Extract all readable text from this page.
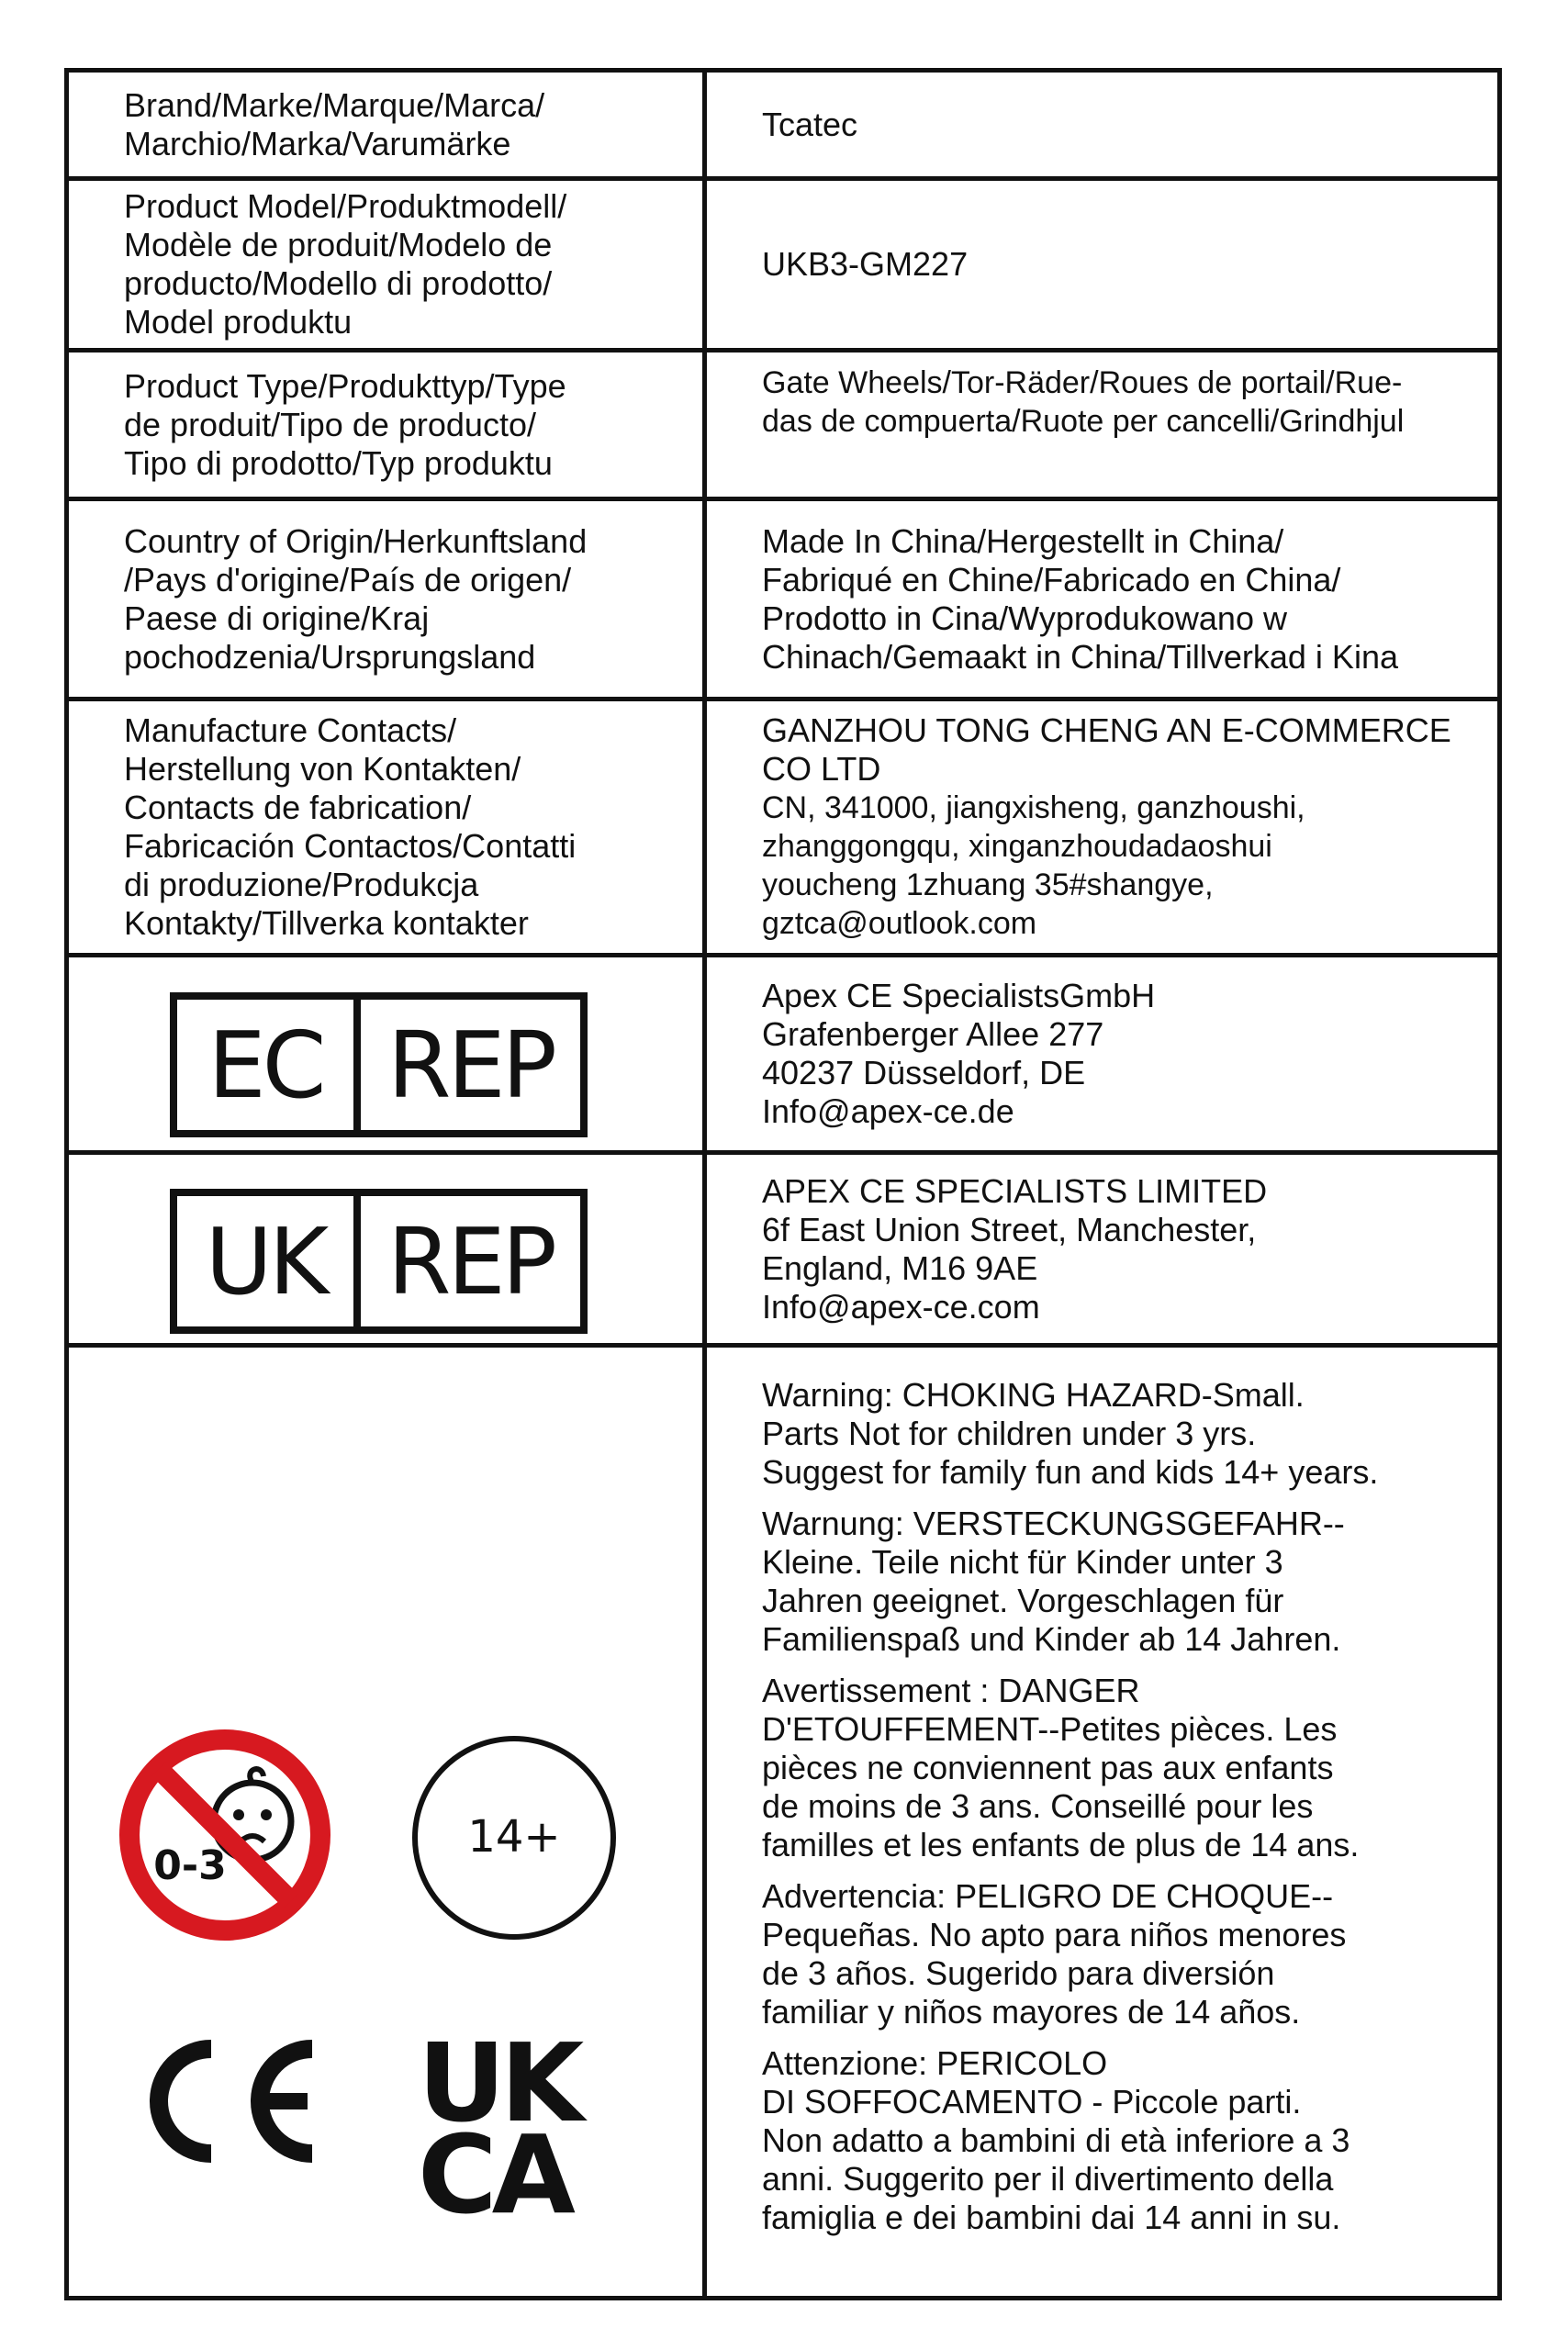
Brand/Marke/Marque/Marca/
Marchio/Marka/Varumärke
Tcatec
Product Model/Produktmodell/
Modèle de produit/Modelo de
producto/Modello di prodotto/
Model produktu
UKB3-GM227
Product Type/Produkttyp/Type
de produit/Tipo de producto/
Tipo di prodotto/Typ produktu
Gate Wheels/Tor-Räder/Roues de portail/Rue-
das de compuerta/Ruote per cancelli/Grindhjul
Country of Origin/Herkunftsland
/Pays d'origine/País de origen/
Paese di origine/Kraj
pochodzenia/Ursprungsland
Made In China/Hergestellt in China/
Fabriqué en Chine/Fabricado en China/
Prodotto in Cina/Wyprodukowano w
Chinach/Gemaakt in China/Tillverkad i Kina
Manufacture Contacts/
Herstellung von Kontakten/
Contacts de fabrication/
Fabricación Contactos/Contatti
di produzione/Produkcja
Kontakty/Tillverka kontakter
GANZHOU TONG CHENG AN E-COMMERCE
CO LTD
CN, 341000, jiangxisheng, ganzhoushi,
zhanggongqu, xinganzhoudadaoshui
youcheng 1zhuang 35#shangye,
gztca@outlook.com
EC REP
Apex CE SpecialistsGmbH
Grafenberger Allee 277
40237 Düsseldorf, DE
Info@apex-ce.de
UK REP
APEX CE SPECIALISTS LIMITED
6f East Union Street, Manchester,
England, M16 9AE
Info@apex-ce.com
0-3
14+
UK
CA

Warning: CHOKING HAZARD-Small.
Parts Not for children under 3 yrs.
Suggest for family fun and kids 14+ years.

Warnung: VERSTECKUNGSGEFAHR--
Kleine. Teile nicht für Kinder unter 3
Jahren geeignet. Vorgeschlagen für
Familienspaß und Kinder ab 14 Jahren.

Avertissement : DANGER
D'ETOUFFEMENT--Petites pièces. Les
pièces ne conviennent pas aux enfants
de moins de 3 ans. Conseillé pour les
familles et les enfants de plus de 14 ans.

Advertencia: PELIGRO DE CHOQUE--
Pequeñas. No apto para niños menores
de 3 años. Sugerido para diversión
familiar y niños mayores de 14 años.

Attenzione: PERICOLO
DI SOFFOCAMENTO - Piccole parti.
Non adatto a bambini di età inferiore a 3
anni. Suggerito per il divertimento della
famiglia e dei bambini dai 14 anni in su.
